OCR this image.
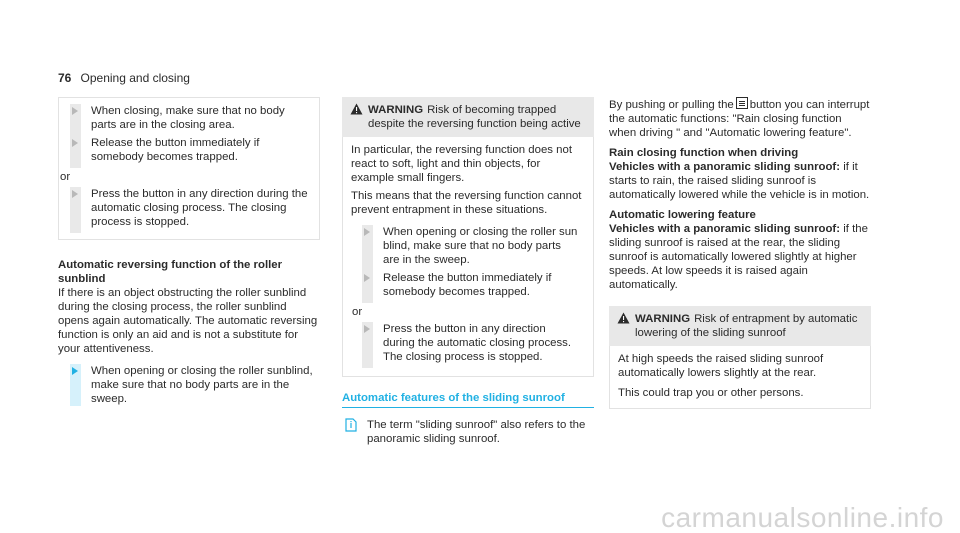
76 Opening and closing
When closing, make sure that no body parts are in the closing area.
Release the button immediately if somebody becomes trapped.
or
Press the button in any direction during the automatic closing process. The closing process is stopped.
Automatic reversing function of the roller
sunblind

If there is an object obstructing the roller sunblind during the closing process, the roller sunblind opens again automatically. The automatic reversing function is only an aid and is not a substitute for your attentiveness.

When opening or closing the roller sunblind, make sure that no body parts are in the sweep.
WARNING Risk of becoming trapped despite the reversing function being active

In particular, the reversing function does not react to soft, light and thin objects, for example small fingers.

This means that the reversing function cannot prevent entrapment in these situations.

When opening or closing the roller sun blind, make sure that no body parts are in the sweep.
Release the button immediately if somebody becomes trapped.
or
Press the button in any direction during the automatic closing process. The closing process is stopped.
Automatic features of the sliding sunroof
The term "sliding sunroof" also refers to the panoramic sliding sunroof.

By pushing or pulling the button you can interrupt the automatic functions: "Rain closing function when driving " and "Automatic lowering feature".

Rain closing function when driving

Vehicles with a panoramic sliding sunroof: if it starts to rain, the raised sliding sunroof is automatically lowered while the vehicle is in motion.

Automatic lowering feature

Vehicles with a panoramic sliding sunroof: if the sliding sunroof is raised at the rear, the sliding sunroof is automatically lowered slightly at higher speeds. At low speeds it is raised again automatically.

WARNING Risk of entrapment by automatic lowering of the sliding sunroof

At high speeds the raised sliding sunroof automatically lowers slightly at the rear.

This could trap you or other persons.

carmanualsonline.info
